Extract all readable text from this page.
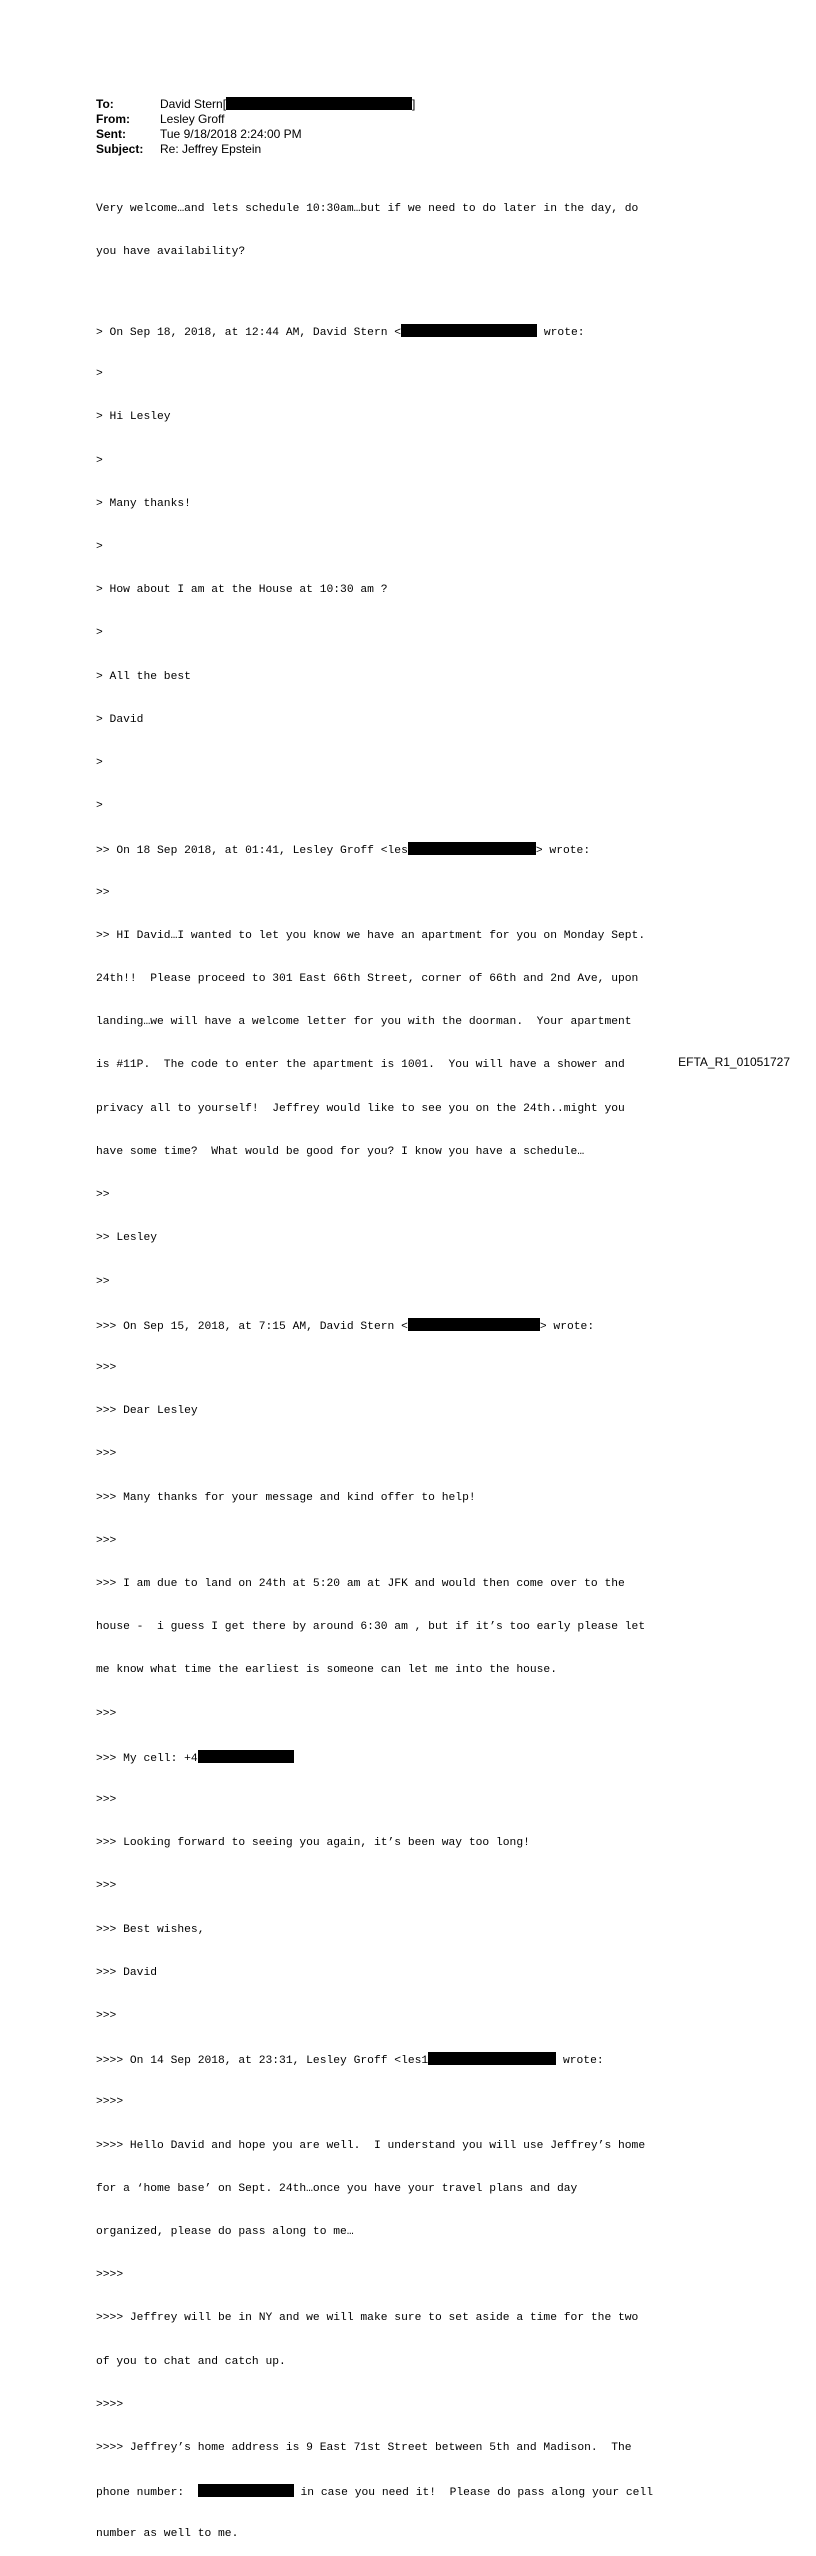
To:	David Stern[	]
From:	Lesley Groff
Sent:	Tue 9/18/2018 2:24:00 PM
Subject:	Re: Jeffrey Epstein

Very welcome…and lets schedule 10:30am…but if we need to do later in the day, do

you have availability?

> On Sep 18, 2018, at 12:44 AM, David Stern <	wrote:

>

> Hi Lesley

>

> Many thanks!

>

> How about I am at the House at 10:30 am ?

>

> All the best

> David

>

>

>> On 18 Sep 2018, at 01:41, Lesley Groff <les	> wrote:

>>

>> HI David…I wanted to let you know we have an apartment for you on Monday Sept.

24th!!  Please proceed to 301 East 66th Street, corner of 66th and 2nd Ave, upon

landing…we will have a welcome letter for you with the doorman.  Your apartment

is #11P.  The code to enter the apartment is 1001.  You will have a shower and

privacy all to yourself!  Jeffrey would like to see you on the 24th..might you

have some time?  What would be good for you? I know you have a schedule…

>>

>> Lesley

>>

>>> On Sep 15, 2018, at 7:15 AM, David Stern <	> wrote:

>>>

>>> Dear Lesley

>>>

>>> Many thanks for your message and kind offer to help!

>>>

>>> I am due to land on 24th at 5:20 am at JFK and would then come over to the

house -  i guess I get there by around 6:30 am , but if it’s too early please let

me know what time the earliest is someone can let me into the house.

>>>

>>> My cell: +4

>>>

>>> Looking forward to seeing you again, it’s been way too long!

>>>

>>> Best wishes,

>>> David

>>>

>>>> On 14 Sep 2018, at 23:31, Lesley Groff <les1	wrote:

>>>>

>>>> Hello David and hope you are well.  I understand you will use Jeffrey’s home

for a ‘home base’ on Sept. 24th…once you have your travel plans and day

organized, please do pass along to me…

>>>>

>>>> Jeffrey will be in NY and we will make sure to set aside a time for the two

of you to chat and catch up.

>>>>

>>>> Jeffrey’s home address is 9 East 71st Street between 5th and Madison.  The

phone number:	in case you need it!  Please do pass along your cell

number as well to me.

EFTA_R1_01051727
